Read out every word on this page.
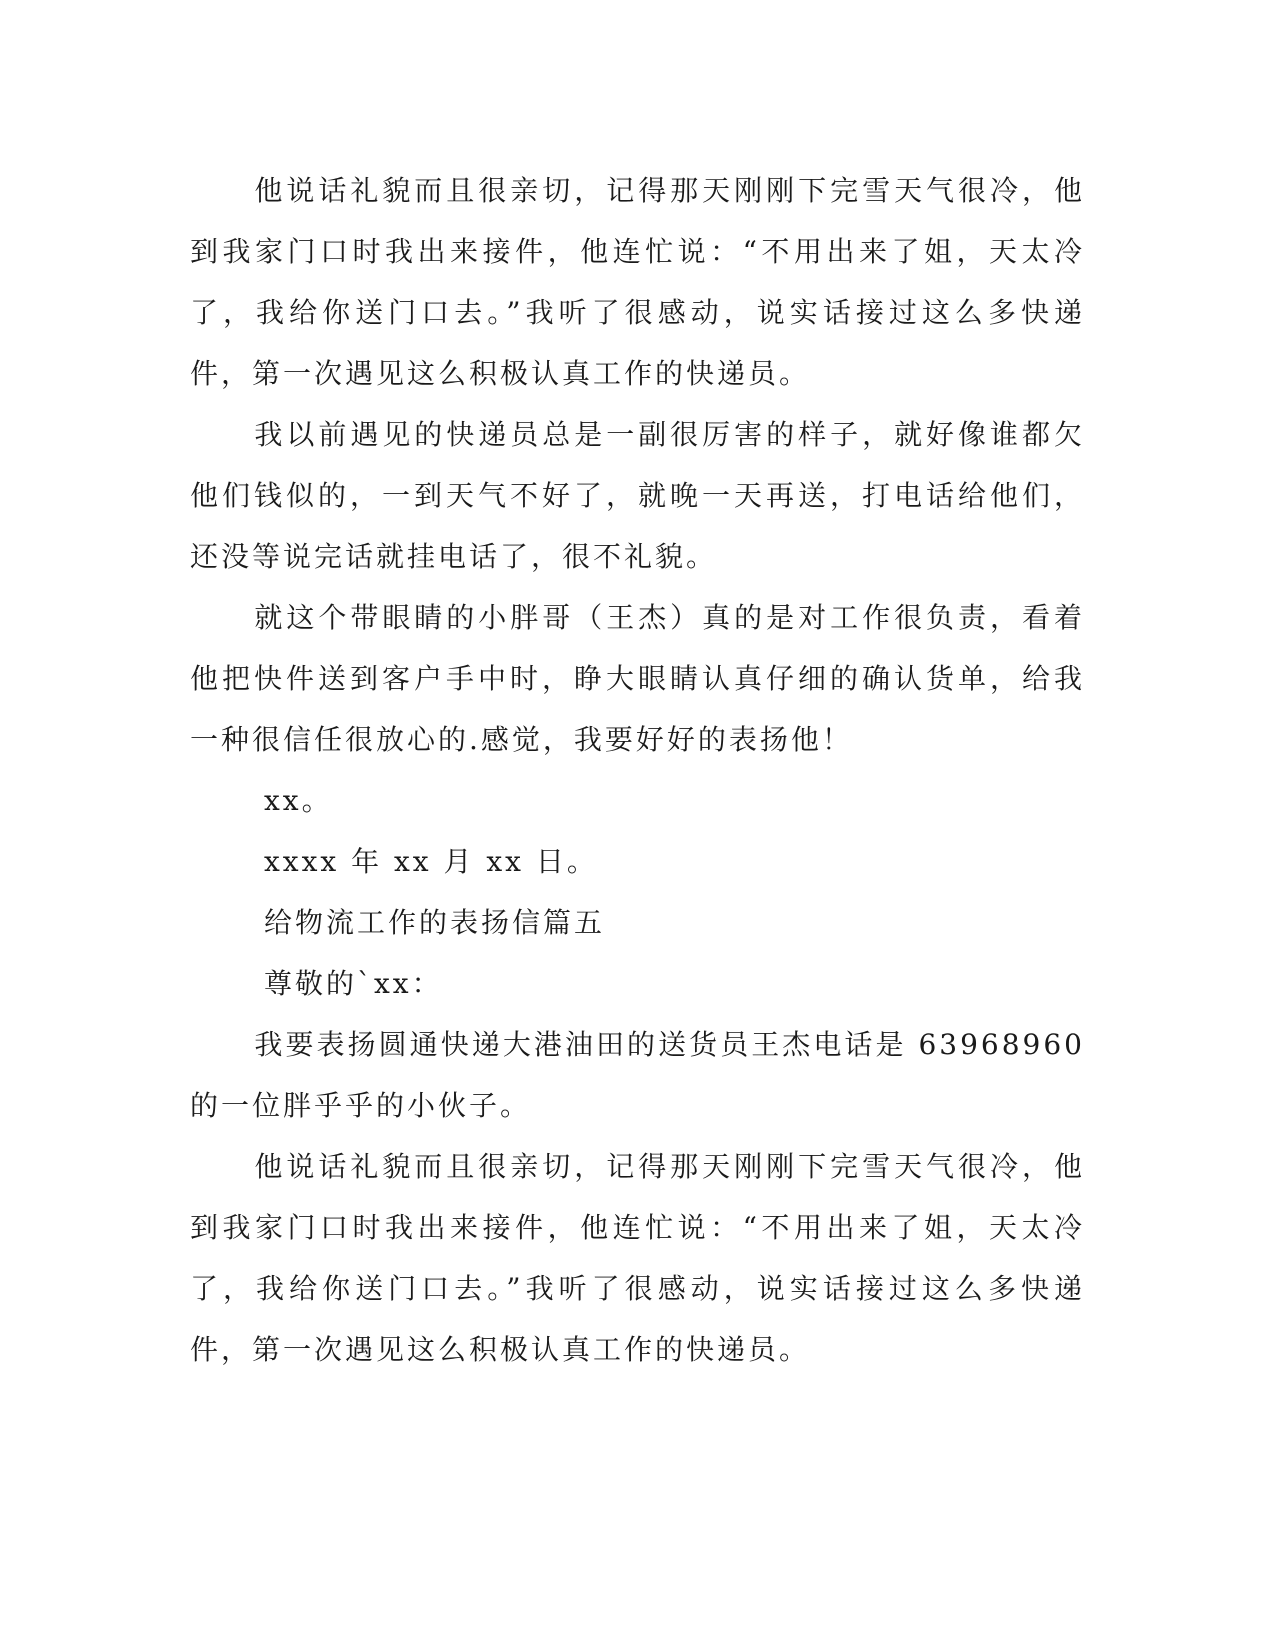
他说话礼貌而且很亲切，记得那天刚刚下完雪天气很冷，他到我家门口时我出来接件，他连忙说：“不用出来了姐，天太冷了，我给你送门口去。”我听了很感动，说实话接过这么多快递件，第一次遇见这么积极认真工作的快递员。

我以前遇见的快递员总是一副很厉害的样子，就好像谁都欠他们钱似的，一到天气不好了，就晚一天再送，打电话给他们，还没等说完话就挂电话了，很不礼貌。

就这个带眼睛的小胖哥（王杰）真的是对工作很负责，看着他把快件送到客户手中时，睁大眼睛认真仔细的确认货单，给我一种很信任很放心的.感觉，我要好好的表扬他！

xx。

xxxx 年 xx 月 xx 日。

给物流工作的表扬信篇五

尊敬的`xx：

我要表扬圆通快递大港油田的送货员王杰电话是 63968960 的一位胖乎乎的小伙子。

他说话礼貌而且很亲切，记得那天刚刚下完雪天气很冷，他到我家门口时我出来接件，他连忙说：“不用出来了姐，天太冷了，我给你送门口去。”我听了很感动，说实话接过这么多快递件，第一次遇见这么积极认真工作的快递员。
